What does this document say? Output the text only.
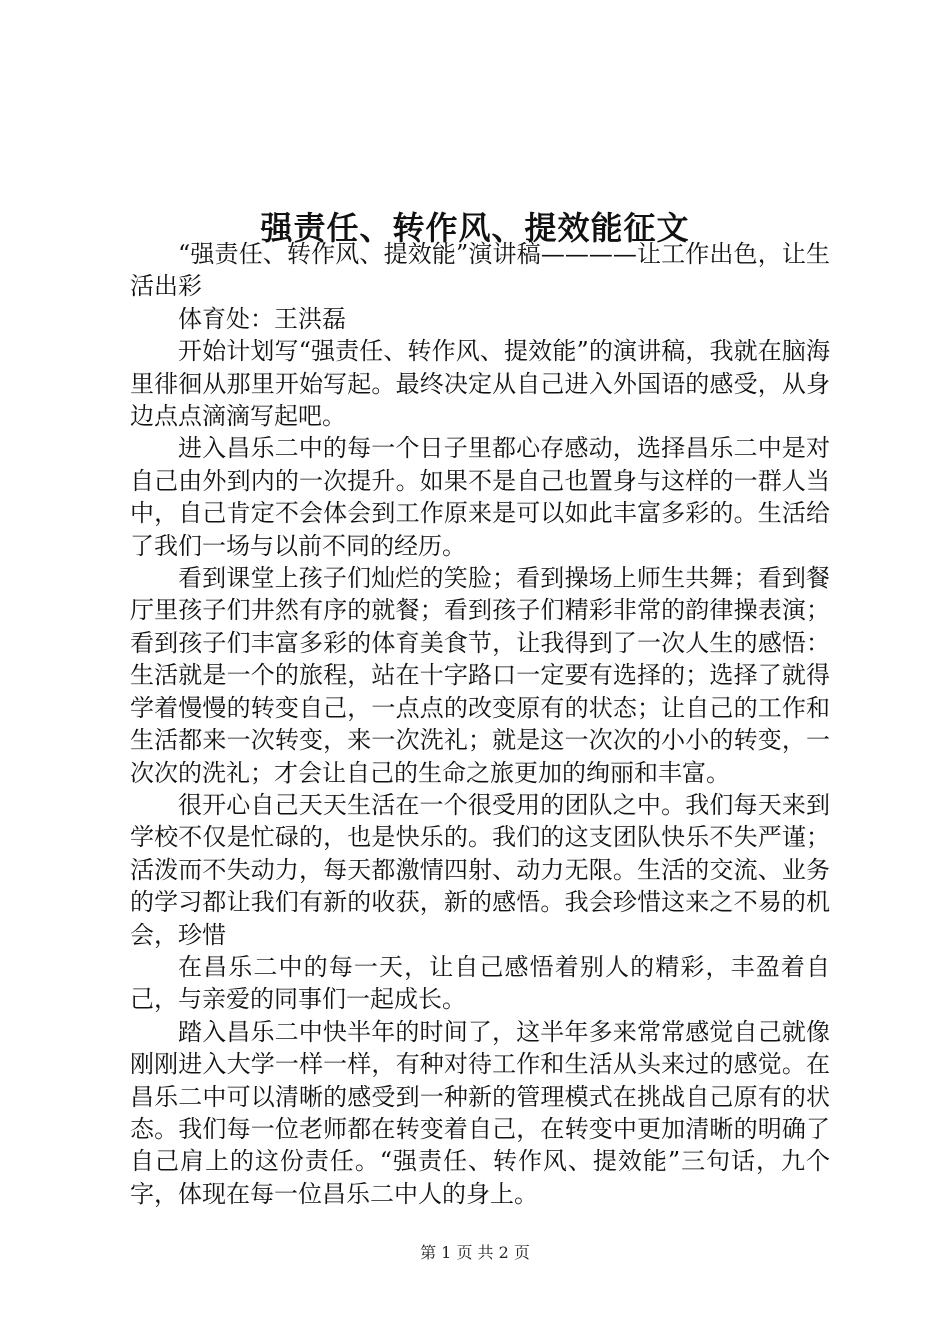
强责任、转作风、提效能征文

“强责任、转作风、提效能”演讲稿————让工作出色，让生活出彩

体育处：王洪磊

开始计划写“强责任、转作风、提效能”的演讲稿，我就在脑海里徘徊从那里开始写起。最终决定从自己进入外国语的感受，从身边点点滴滴写起吧。

进入昌乐二中的每一个日子里都心存感动，选择昌乐二中是对自己由外到内的一次提升。如果不是自己也置身与这样的一群人当中，自己肯定不会体会到工作原来是可以如此丰富多彩的。生活给了我们一场与以前不同的经历。

看到课堂上孩子们灿烂的笑脸；看到操场上师生共舞；看到餐厅里孩子们井然有序的就餐；看到孩子们精彩非常的韵律操表演；看到孩子们丰富多彩的体育美食节，让我得到了一次人生的感悟：生活就是一个的旅程，站在十字路口一定要有选择的；选择了就得学着慢慢的转变自己，一点点的改变原有的状态；让自己的工作和生活都来一次转变，来一次洗礼；就是这一次次的小小的转变，一次次的洗礼；才会让自己的生命之旅更加的绚丽和丰富。

很开心自己天天生活在一个很受用的团队之中。我们每天来到学校不仅是忙碌的，也是快乐的。我们的这支团队快乐不失严谨；活泼而不失动力，每天都激情四射、动力无限。生活的交流、业务的学习都让我们有新的收获，新的感悟。我会珍惜这来之不易的机会，珍惜

在昌乐二中的每一天，让自己感悟着别人的精彩，丰盈着自己，与亲爱的同事们一起成长。

踏入昌乐二中快半年的时间了，这半年多来常常感觉自己就像刚刚进入大学一样一样，有种对待工作和生活从头来过的感觉。在昌乐二中可以清晰的感受到一种新的管理模式在挑战自己原有的状态。我们每一位老师都在转变着自己，在转变中更加清晰的明确了自己肩上的这份责任。“强责任、转作风、提效能”三句话，九个字，体现在每一位昌乐二中人的身上。

第 1 页 共 2 页
